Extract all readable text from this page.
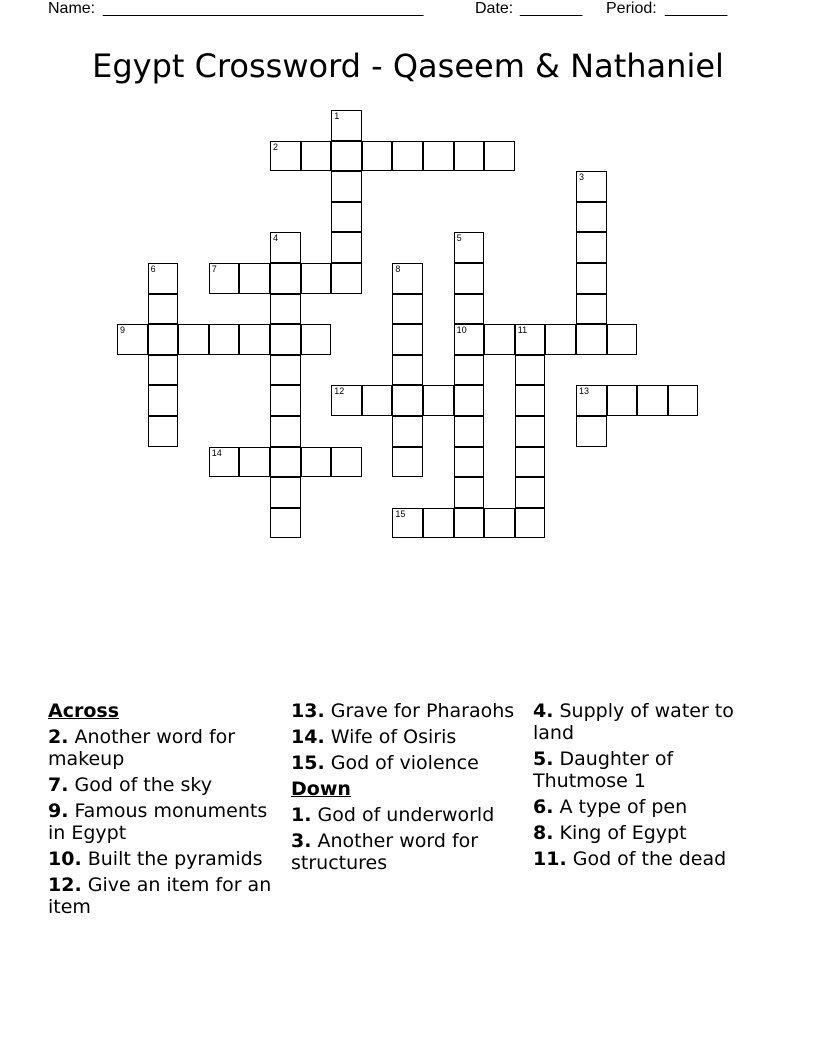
Name: ____________________________________	Date: _______ Period: _______
Egypt Crossword - Qaseem & Nathaniel
1
2
3
4	5
6	7	8
9	10	11
12	13
14
15
Across
2. Another word for makeup
7. God of the sky
9. Famous monuments in Egypt
10. Built the pyramids
12. Give an item for an item
13. Grave for Pharaohs
14. Wife of Osiris
15. God of violence
Down
1. God of underworld
3. Another word for structures
4. Supply of water to land
5. Daughter of Thutmose 1
6. A type of pen
8. King of Egypt
11. God of the dead
